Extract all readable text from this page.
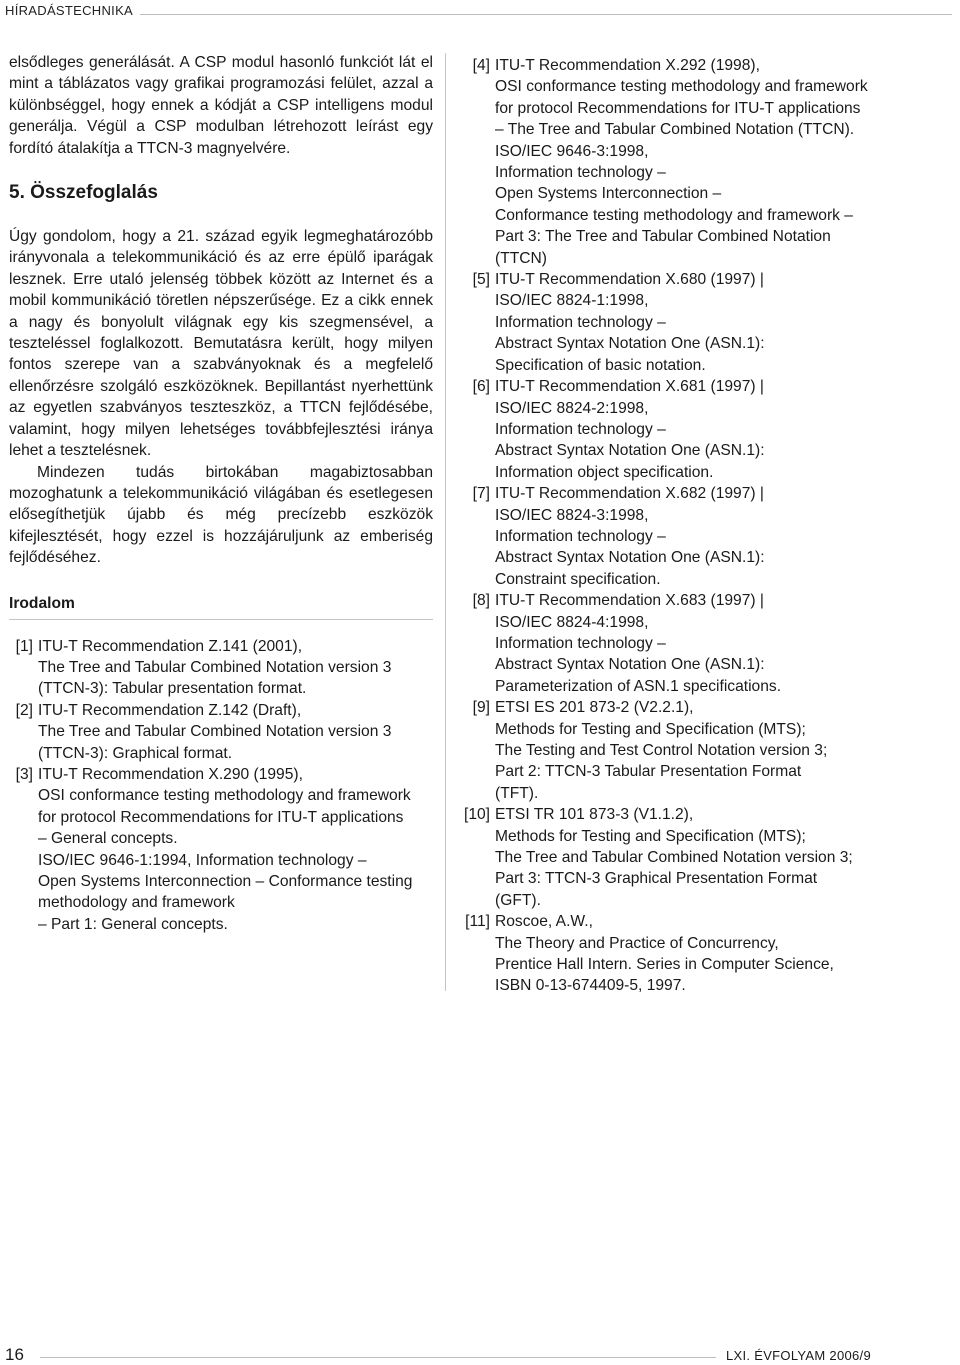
HÍRADÁSTECHNIKA

elsődleges generálását. A CSP modul hasonló funkciót lát el mint a táblázatos vagy grafikai programozási felület, azzal a különbséggel, hogy ennek a kódját a CSP intelligens modul generálja. Végül a CSP modulban létrehozott leírást egy fordító átalakítja a TTCN-3 magnyelvére.

5. Összefoglalás

Úgy gondolom, hogy a 21. század egyik legmeghatározóbb irányvonala a telekommunikáció és az erre épülő iparágak lesznek. Erre utaló jelenség többek között az Internet és a mobil kommunikáció töretlen népszerűsége. Ez a cikk ennek a nagy és bonyolult világnak egy kis szegmensével, a teszteléssel foglalkozott. Bemutatásra került, hogy milyen fontos szerepe van a szabványoknak és a megfelelő ellenőrzésre szolgáló eszközöknek. Bepillantást nyerhettünk az egyetlen szabványos teszteszköz, a TTCN fejlődésébe, valamint, hogy milyen lehetséges továbbfejlesztési iránya lehet a tesztelésnek.

Mindezen tudás birtokában magabiztosabban mozoghatunk a telekommunikáció világában és esetlegesen elősegíthetjük újabb és még precízebb eszközök kifejlesztését, hogy ezzel is hozzájáruljunk az emberiség fejlődéséhez.

Irodalom
[1] ITU-T Recommendation Z.141 (2001),
The Tree and Tabular Combined Notation version 3
(TTCN-3): Tabular presentation format.
[2] ITU-T Recommendation Z.142 (Draft),
The Tree and Tabular Combined Notation version 3
(TTCN-3): Graphical format.
[3] ITU-T Recommendation X.290 (1995),
OSI conformance testing methodology and framework
for protocol Recommendations for ITU-T applications
– General concepts.
ISO/IEC 9646-1:1994, Information technology –
Open Systems Interconnection – Conformance testing
methodology and framework
– Part 1: General concepts.
[4] ITU-T Recommendation X.292 (1998),
OSI conformance testing methodology and framework
for protocol Recommendations for ITU-T applications
– The Tree and Tabular Combined Notation (TTCN).
ISO/IEC 9646-3:1998,
Information technology –
Open Systems Interconnection –
Conformance testing methodology and framework –
Part 3: The Tree and Tabular Combined Notation
(TTCN)
[5] ITU-T Recommendation X.680 (1997) |
ISO/IEC 8824-1:1998,
Information technology –
Abstract Syntax Notation One (ASN.1):
Specification of basic notation.
[6] ITU-T Recommendation X.681 (1997) |
ISO/IEC 8824-2:1998,
Information technology –
Abstract Syntax Notation One (ASN.1):
Information object specification.
[7] ITU-T Recommendation X.682 (1997) |
ISO/IEC 8824-3:1998,
Information technology –
Abstract Syntax Notation One (ASN.1):
Constraint specification.
[8] ITU-T Recommendation X.683 (1997) |
ISO/IEC 8824-4:1998,
Information technology –
Abstract Syntax Notation One (ASN.1):
Parameterization of ASN.1 specifications.
[9] ETSI ES 201 873-2 (V2.2.1),
Methods for Testing and Specification (MTS);
The Testing and Test Control Notation version 3;
Part 2: TTCN-3 Tabular Presentation Format
(TFT).
[10] ETSI TR 101 873-3 (V1.1.2),
Methods for Testing and Specification (MTS);
The Tree and Tabular Combined Notation version 3;
Part 3: TTCN-3 Graphical Presentation Format
(GFT).
[11] Roscoe, A.W.,
The Theory and Practice of Concurrency,
Prentice Hall Intern. Series in Computer Science,
ISBN 0-13-674409-5, 1997.
16	LXI. ÉVFOLYAM 2006/9
